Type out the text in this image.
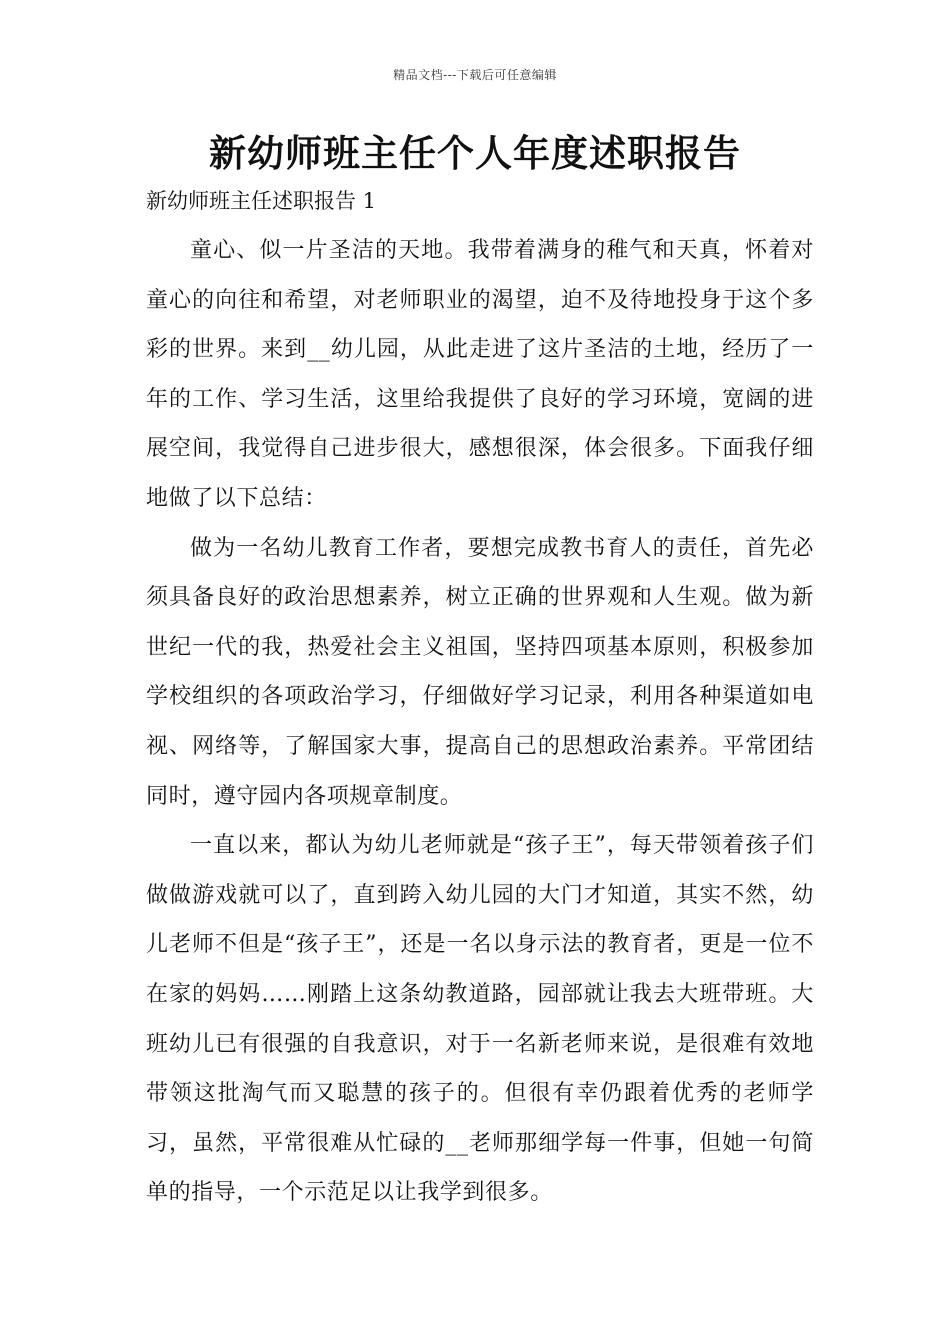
精品文档---下载后可任意编辑
新幼师班主任个人年度述职报告
新幼师班主任述职报告 1

童心、似一片圣洁的天地。我带着满身的稚气和天真，怀着对童心的向往和希望，对老师职业的渴望，迫不及待地投身于这个多彩的世界。来到__幼儿园，从此走进了这片圣洁的土地，经历了一年的工作、学习生活，这里给我提供了良好的学习环境，宽阔的进展空间，我觉得自己进步很大，感想很深，体会很多。下面我仔细地做了以下总结：

做为一名幼儿教育工作者，要想完成教书育人的责任，首先必须具备良好的政治思想素养，树立正确的世界观和人生观。做为新世纪一代的我，热爱社会主义祖国，坚持四项基本原则，积极参加学校组织的各项政治学习，仔细做好学习记录，利用各种渠道如电视、网络等，了解国家大事，提高自己的思想政治素养。平常团结同时，遵守园内各项规章制度。

一直以来，都认为幼儿老师就是“孩子王”，每天带领着孩子们做做游戏就可以了，直到跨入幼儿园的大门才知道，其实不然，幼儿老师不但是“孩子王”，还是一名以身示法的教育者，更是一位不在家的妈妈……刚踏上这条幼教道路，园部就让我去大班带班。大班幼儿已有很强的自我意识，对于一名新老师来说，是很难有效地带领这批淘气而又聪慧的孩子的。但很有幸仍跟着优秀的老师学习，虽然，平常很难从忙碌的__老师那细学每一件事，但她一句简单的指导，一个示范足以让我学到很多。
